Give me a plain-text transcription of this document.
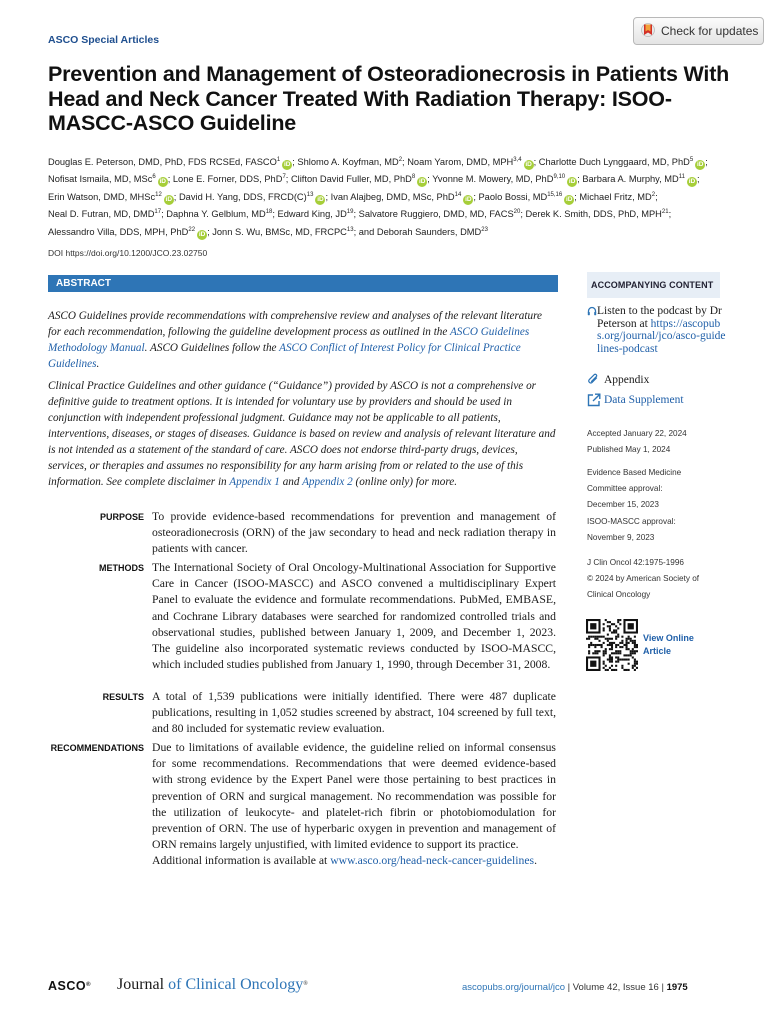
ASCO Special Articles
Check for updates
Prevention and Management of Osteoradionecrosis in Patients With Head and Neck Cancer Treated With Radiation Therapy: ISOO-MASCC-ASCO Guideline
Douglas E. Peterson, DMD, PhD, FDS RCSEd, FASCO$^1$iD ; Shlomo A. Koyfman, $MD^2$; Noam Yarom, DMD, MPH$^{3,4}$iD ; Charlotte Duch Lynggaard, MD, PhD$^5$iD ; Nofisat Ismaila, MD, MSc$^6$iD ; Lone E. Forner, DDS, PhD$^7$; Clifton David Fuller, MD, PhD$^8$iD ; Yvonne M. Mowery, MD, PhD$^{9,10}$iD ; Barbara A. Murphy, MD$^{11}$iD ; Erin Watson, DMD, MHSc$^{12}$iD ; David H. Yang, DDS, $FRCD(C)^{13}iD$ ; Ivan Alajbeg, DMD, MSc, PhD$^{14}$iD ; Paolo Bossi, MD$^{15,16}$iD ; Michael Fritz, $MD^2$; Neal D. Futran, MD, DMD$^{17}$; Daphna Y. Gelblum, MD$^{18}$; Edward King, JD$^{19}$; Salvatore Ruggiero, DMD, MD, FACS$^{20}$; Derek K. Smith, DDS, PhD, MPH$^{21}$; Alessandro Villa, DDS, MPH, PhD$^{22}$iD ; Jonn S. Wu, BMSc, MD, FRCPC$^{13}$; and Deborah Saunders, DMD$^{23}$
DOI https://doi.org/10.1200/JCO.23.02750
ABSTRACT

ASCO Guidelines provide recommendations with comprehensive review and analyses of the relevant literature for each recommendation, following the guideline development process as outlined in the ASCO Guidelines Methodology Manual. ASCO Guidelines follow the ASCO Conflict of Interest Policy for Clinical Practice Guidelines.

Clinical Practice Guidelines and other guidance (“Guidance”) provided by ASCO is not a comprehensive or definitive guide to treatment options. It is intended for voluntary use by providers and should be used in conjunction with independent professional judgment. Guidance may not be applicable to all patients, interventions, diseases, or stages of diseases. Guidance is based on review and analysis of relevant literature and is not intended as a statement of the standard of care. ASCO does not endorse third-party drugs, devices, services, or therapies and assumes no responsibility for any harm arising from or related to the use of this information. See complete disclaimer in Appendix 1 and Appendix 2 (online only) for more.

PURPOSE To provide evidence-based recommendations for prevention and management of osteoradionecrosis (ORN) of the jaw secondary to head and neck radiation therapy in patients with cancer.
METHODS The International Society of Oral Oncology-Multinational Association for Supportive Care in Cancer (ISOO-MASCC) and ASCO convened a multidisciplinary Expert Panel to evaluate the evidence and formulate recommendations. PubMed, EMBASE, and Cochrane Library databases were searched for randomized controlled trials and observational studies, published between January 1, 2009, and December 1, 2023. The guideline also incorporated systematic reviews conducted by ISOO-MASCC, which included studies published from January 1, 1990, through December 31, 2008.
RESULTS A total of 1,539 publications were initially identified. There were 487 duplicate publications, resulting in 1,052 studies screened by abstract, 104 screened by full text, and 80 included for systematic review evaluation.
RECOMMENDATIONS Due to limitations of available evidence, the guideline relied on informal consensus for some recommendations. Recommendations that were deemed evidence-based with strong evidence by the Expert Panel were those pertaining to best practices in prevention of ORN and surgical management. No recommendation was possible for the utilization of leukocyte- and platelet-rich fibrin or photobiomodulation for prevention of ORN. The use of hyperbaric oxygen in prevention and management of ORN remains largely unjustified, with limited evidence to support its practice.
Additional information is available at www.asco.org/head-neck-cancer-guidelines.
ACCOMPANYING CONTENT
Listen to the podcast by Dr Peterson at https://ascopubs.org/journal/jco/asco-guidelines-podcast
Appendix
Data Supplement
Accepted January 22, 2024
Published May 1, 2024
Evidence Based Medicine
Committee approval:
December 15, 2023
ISOO-MASCC approval:
November 9, 2023
J Clin Oncol 42:1975-1996
© 2024 by American Society of
Clinical Oncology
View Online
Article
ASCO® Journal of Clinical Oncology®	ascopubs.org/journal/jco | Volume 42, Issue 16 | 1975
